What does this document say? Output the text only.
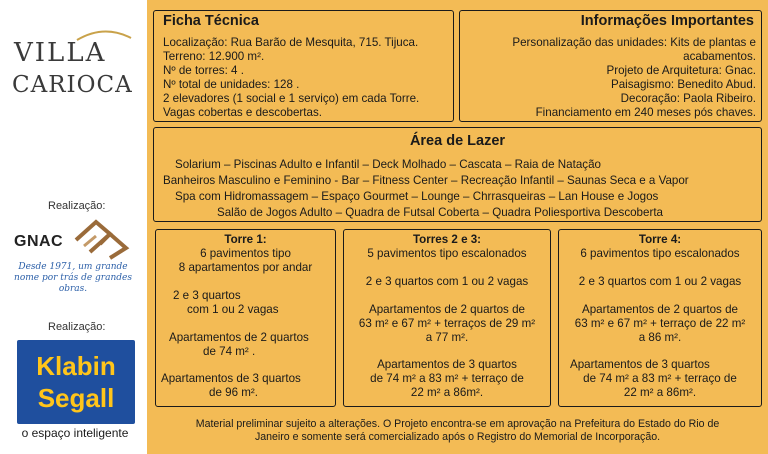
VILLA
CARIOCA
Realização:
GNAC
Desde 1971, um grande nome por trás de grandes obras.
Realização:
Klabin
Segall
o espaço inteligente
Ficha Técnica
Localização: Rua Barão de Mesquita, 715. Tijuca.
Terreno: 12.900 m².
Nº de torres: 4 .
Nº total de unidades: 128 .
2 elevadores (1 social e 1 serviço) em cada Torre.
Vagas cobertas e descobertas.
Informações Importantes
Personalização das unidades: Kits de plantas e
acabamentos.
Projeto de Arquitetura: Gnac.
Paisagismo: Benedito Abud.
Decoração: Paola Ribeiro.
Financiamento em 240 meses pós chaves.
Área de Lazer
Solarium – Piscinas Adulto e Infantil – Deck Molhado – Cascata – Raia de Natação
Banheiros Masculino e Feminino - Bar – Fitness Center – Recreação Infantil – Saunas Seca e a Vapor
Spa com Hidromassagem – Espaço Gourmet – Lounge – Chrrasqueiras – Lan House e Jogos
Salão de Jogos Adulto – Quadra de Futsal Coberta – Quadra Poliesportiva Descoberta
Torre 1:
6 pavimentos tipo
8 apartamentos por andar
2 e 3 quartos
com 1 ou 2 vagas
Apartamentos de 2 quartos
de 74 m² .
Apartamentos de 3 quartos
de 96 m².
Torres 2 e 3:
5 pavimentos tipo escalonados
2 e 3 quartos com 1 ou 2 vagas
Apartamentos de 2 quartos de
63 m² e 67 m² + terraços de 29 m²
a 77 m².
Apartamentos de 3 quartos
de 74 m² a 83 m² + terraço de
22 m² a 86m².
Torre 4:
6 pavimentos tipo escalonados
2 e 3 quartos com 1 ou 2 vagas
Apartamentos de 2 quartos de
63 m² e 67 m² + terraço de 22 m²
a 86 m².
Apartamentos de 3 quartos
de 74 m² a 83 m² + terraço de
22 m² a 86m².
Material preliminar sujeito a alterações. O Projeto encontra-se em aprovação na Prefeitura do Estado do Rio de
Janeiro e somente será comercializado após o Registro do Memorial de Incorporação.
